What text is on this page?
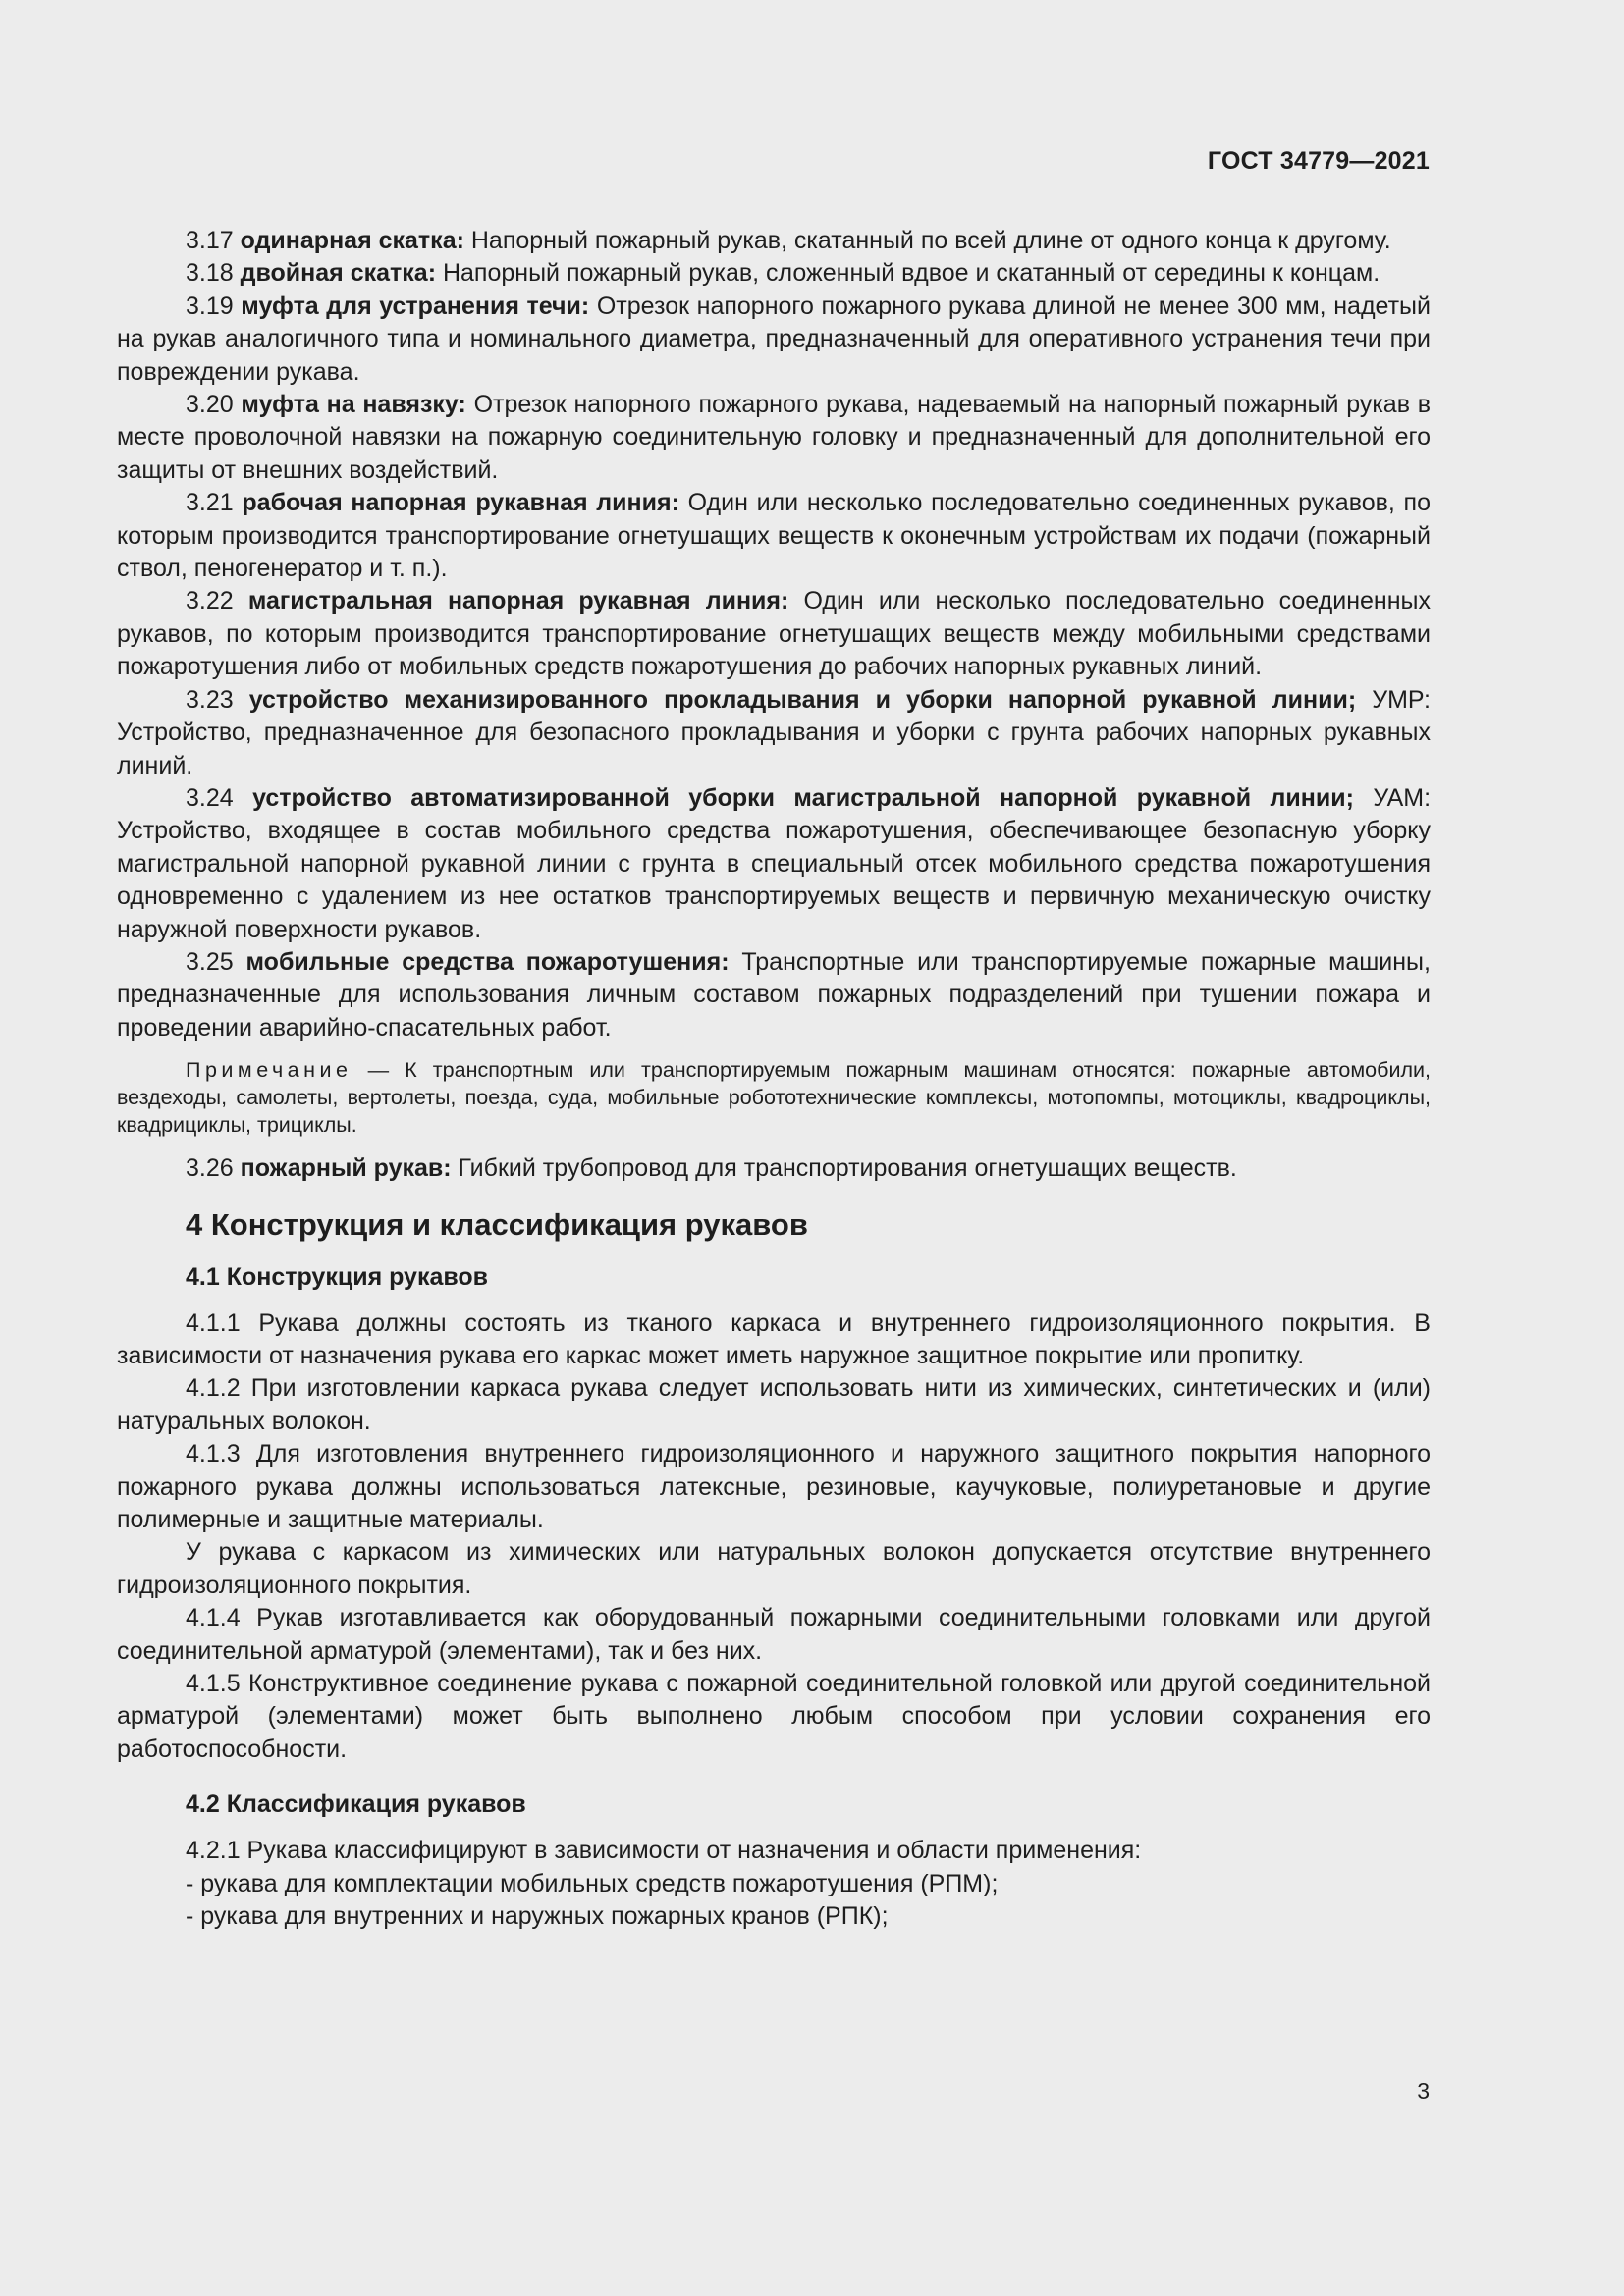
ГОСТ 34779—2021

3.17 одинарная скатка: Напорный пожарный рукав, скатанный по всей длине от одного конца к другому.

3.18 двойная скатка: Напорный пожарный рукав, сложенный вдвое и скатанный от середины к концам.

3.19 муфта для устранения течи: Отрезок напорного пожарного рукава длиной не менее 300 мм, надетый на рукав аналогичного типа и номинального диаметра, предназначенный для оперативного устранения течи при повреждении рукава.

3.20 муфта на навязку: Отрезок напорного пожарного рукава, надеваемый на напорный пожарный рукав в месте проволочной навязки на пожарную соединительную головку и предназначенный для дополнительной его защиты от внешних воздействий.

3.21 рабочая напорная рукавная линия: Один или несколько последовательно соединенных рукавов, по которым производится транспортирование огнетушащих веществ к оконечным устройствам их подачи (пожарный ствол, пеногенератор и т. п.).

3.22 магистральная напорная рукавная линия: Один или несколько последовательно соединенных рукавов, по которым производится транспортирование огнетушащих веществ между мобильными средствами пожаротушения либо от мобильных средств пожаротушения до рабочих напорных рукавных линий.

3.23 устройство механизированного прокладывания и уборки напорной рукавной линии; УМР: Устройство, предназначенное для безопасного прокладывания и уборки с грунта рабочих напорных рукавных линий.

3.24 устройство автоматизированной уборки магистральной напорной рукавной линии; УАМ: Устройство, входящее в состав мобильного средства пожаротушения, обеспечивающее безопасную уборку магистральной напорной рукавной линии с грунта в специальный отсек мобильного средства пожаротушения одновременно с удалением из нее остатков транспортируемых веществ и первичную механическую очистку наружной поверхности рукавов.

3.25 мобильные средства пожаротушения: Транспортные или транспортируемые пожарные машины, предназначенные для использования личным составом пожарных подразделений при тушении пожара и проведении аварийно-спасательных работ.

Примечание — К транспортным или транспортируемым пожарным машинам относятся: пожарные автомобили, вездеходы, самолеты, вертолеты, поезда, суда, мобильные робототехнические комплексы, мотопомпы, мотоциклы, квадроциклы, квадрициклы, трициклы.

3.26 пожарный рукав: Гибкий трубопровод для транспортирования огнетушащих веществ.

4 Конструкция и классификация рукавов
4.1 Конструкция рукавов

4.1.1 Рукава должны состоять из тканого каркаса и внутреннего гидроизоляционного покрытия. В зависимости от назначения рукава его каркас может иметь наружное защитное покрытие или пропитку.

4.1.2 При изготовлении каркаса рукава следует использовать нити из химических, синтетических и (или) натуральных волокон.

4.1.3 Для изготовления внутреннего гидроизоляционного и наружного защитного покрытия напорного пожарного рукава должны использоваться латексные, резиновые, каучуковые, полиуретановые и другие полимерные и защитные материалы.

У рукава с каркасом из химических или натуральных волокон допускается отсутствие внутреннего гидроизоляционного покрытия.

4.1.4 Рукав изготавливается как оборудованный пожарными соединительными головками или другой соединительной арматурой (элементами), так и без них.

4.1.5 Конструктивное соединение рукава с пожарной соединительной головкой или другой соединительной арматурой (элементами) может быть выполнено любым способом при условии сохранения его работоспособности.

4.2 Классификация рукавов

4.2.1 Рукава классифицируют в зависимости от назначения и области применения:

- рукава для комплектации мобильных средств пожаротушения (РПМ);
- рукава для внутренних и наружных пожарных кранов (РПК);
3
